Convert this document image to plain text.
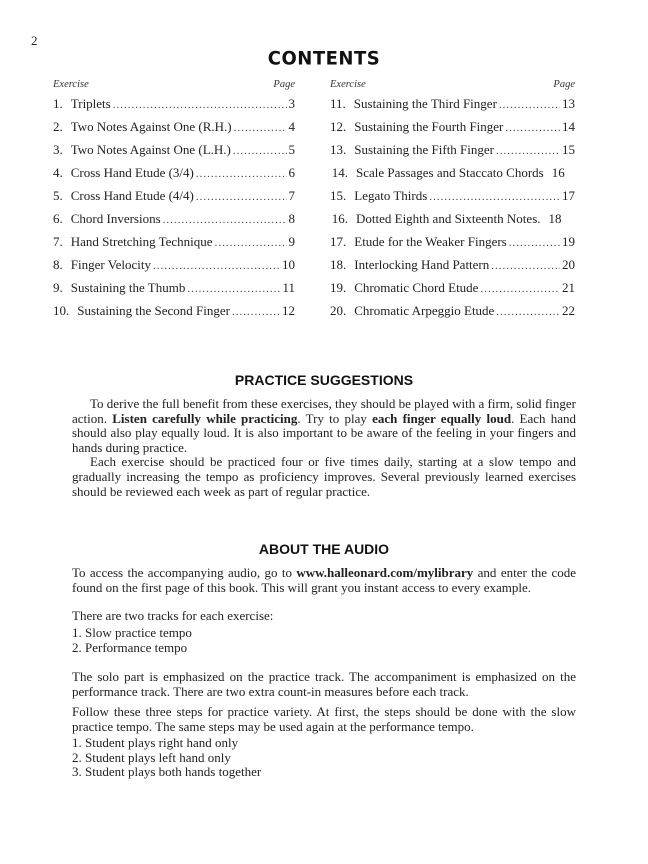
2
CONTENTS
Exercise	Page
1. Triplets .....	3
2. Two Notes Against One (R.H.) .....	4
3. Two Notes Against One (L.H.) .....	5
4. Cross Hand Etude (3/4) .....	6
5. Cross Hand Etude (4/4) .....	7
6. Chord Inversions .....	8
7. Hand Stretching Technique .....	9
8. Finger Velocity .....	10
9. Sustaining the Thumb .....	11
10. Sustaining the Second Finger .....	12
Exercise	Page
11. Sustaining the Third Finger .....	13
12. Sustaining the Fourth Finger .....	14
13. Sustaining the Fifth Finger .....	15
14. Scale Passages and Staccato Chords 16
15. Legato Thirds .....	17
16. Dotted Eighth and Sixteenth Notes. 18
17. Etude for the Weaker Fingers .....	19
18. Interlocking Hand Pattern .....	20
19. Chromatic Chord Etude .....	21
20. Chromatic Arpeggio Etude .....	22
PRACTICE SUGGESTIONS
To derive the full benefit from these exercises, they should be played with a firm, solid finger action. Listen carefully while practicing. Try to play each finger equally loud. Each hand should also play equally loud. It is also important to be aware of the feeling in your fingers and hands during practice.
Each exercise should be practiced four or five times daily, starting at a slow tempo and gradually increasing the tempo as proficiency improves. Several previously learned exercises should be reviewed each week as part of regular practice.
ABOUT THE AUDIO
To access the accompanying audio, go to www.halleonard.com/mylibrary and enter the code found on the first page of this book. This will grant you instant access to every example.
There are two tracks for each exercise:
1. Slow practice tempo
2. Performance tempo
The solo part is emphasized on the practice track. The accompaniment is emphasized on the performance track. There are two extra count-in measures before each track.
Follow these three steps for practice variety. At first, the steps should be done with the slow practice tempo. The same steps may be used again at the performance tempo.
1. Student plays right hand only
2. Student plays left hand only
3. Student plays both hands together
